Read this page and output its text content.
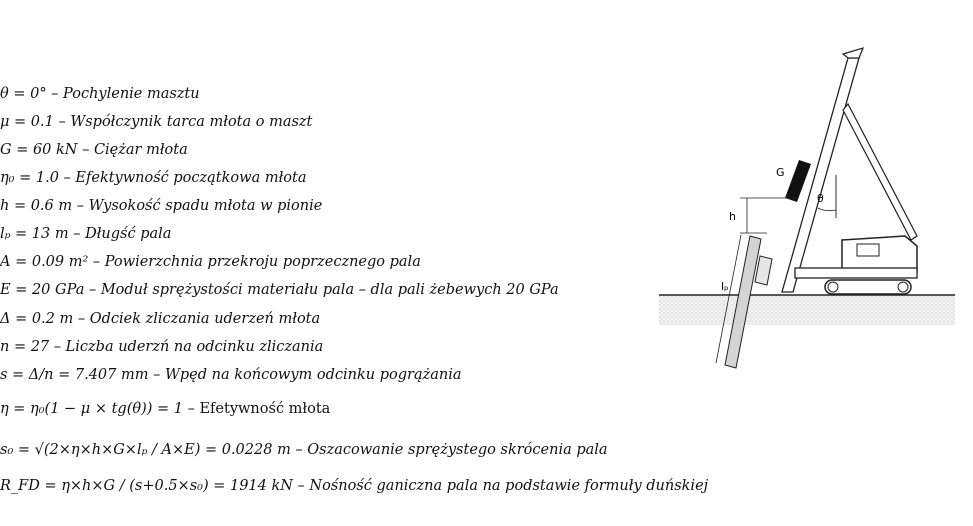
θ = 0° – Pochylenie masztu
μ = 0.1 – Współczynik tarca młota o maszt
G = 60 kN – Ciężar młota
η₀ = 1.0 – Efektywność początkowa młota
h = 0.6 m – Wysokość spadu młota w pionie
lₚ = 13 m – Długść pala
A = 0.09 m² – Powierzchnia przekroju poprzecznego pala
E = 20 GPa – Moduł sprężystości materiału pala – dla pali żebewych 20 GPa
Δ = 0.2 m – Odciek zliczania uderzeń młota
n = 27 – Liczba uderzń na odcinku zliczania
s = Δ/n = 7.407 mm – Wpęd na końcowym odcinku pogrążania
η = η₀(1 − μ × tg(θ)) = 1 – Efetywność młota
s₀ = √(2×η×h×G×lₚ / A×E) = 0.0228 m – Oszacowanie sprężystego skrócenia pala
R_FD = η×h×G / (s+0.5×s₀) = 1914 kN – Nośność ganiczna pala na podstawie formuły duńskiej
G
θ
h
lₚ
